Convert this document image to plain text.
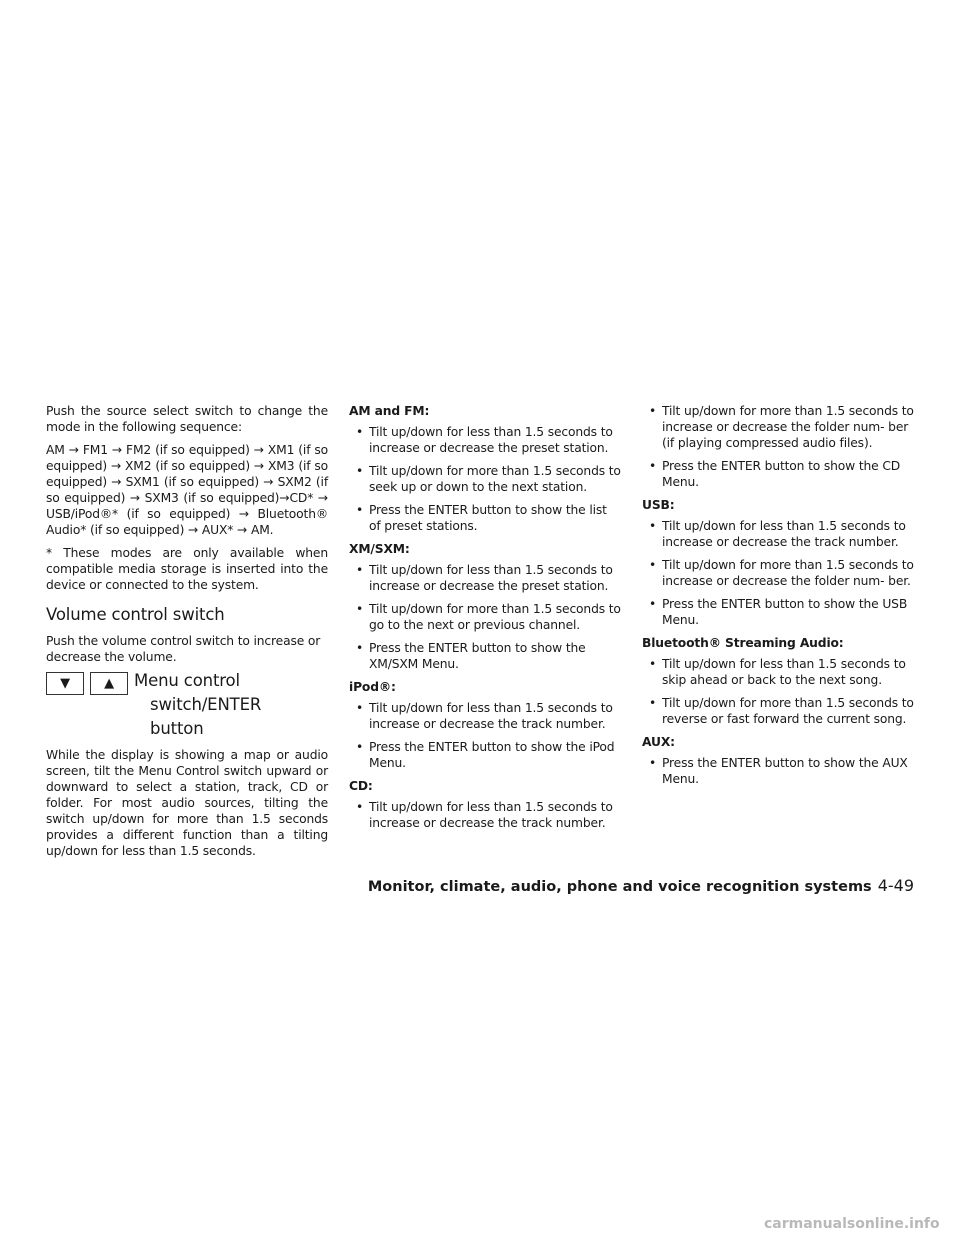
Push the source select switch to change the mode in the following sequence:

AM → FM1 → FM2 (if so equipped) → XM1 (if so equipped) → XM2 (if so equipped) → XM3 (if so equipped) → SXM1 (if so equipped) → SXM2 (if so equipped) → SXM3 (if so equipped)→CD* → USB/iPod®* (if so equipped) → Bluetooth® Audio* (if so equipped) → AUX* → AM.

* These modes are only available when compatible media storage is inserted into the device or connected to the system.

Volume control switch

Push the volume control switch to increase or decrease the volume.

▼	▲ Menu control
switch/ENTER
button

While the display is showing a map or audio screen, tilt the Menu Control switch upward or downward to select a station, track, CD or folder. For most audio sources, tilting the switch up/down for more than 1.5 seconds provides a different function than a tilting up/down for less than 1.5 seconds.

AM and FM:
• Tilt up/down for less than 1.5 seconds to increase or decrease the preset station.
• Tilt up/down for more than 1.5 seconds to seek up or down to the next station.
• Press the ENTER button to show the list of preset stations.
XM/SXM:
• Tilt up/down for less than 1.5 seconds to increase or decrease the preset station.
• Tilt up/down for more than 1.5 seconds to go to the next or previous channel.
• Press the ENTER button to show the XM/SXM Menu.
iPod®:
• Tilt up/down for less than 1.5 seconds to increase or decrease the track number.
• Press the ENTER button to show the iPod Menu.
CD:
• Tilt up/down for less than 1.5 seconds to increase or decrease the track number.
• Tilt up/down for more than 1.5 seconds to increase or decrease the folder num- ber (if playing compressed audio files).
• Press the ENTER button to show the CD Menu.
USB:
• Tilt up/down for less than 1.5 seconds to increase or decrease the track number.
• Tilt up/down for more than 1.5 seconds to increase or decrease the folder num- ber.
• Press the ENTER button to show the USB Menu.
Bluetooth® Streaming Audio:
• Tilt up/down for less than 1.5 seconds to skip ahead or back to the next song.
• Tilt up/down for more than 1.5 seconds to reverse or fast forward the current song.
AUX:
• Press the ENTER button to show the AUX Menu.
Monitor, climate, audio, phone and voice recognition systems 4-49
carmanualsonline.info
